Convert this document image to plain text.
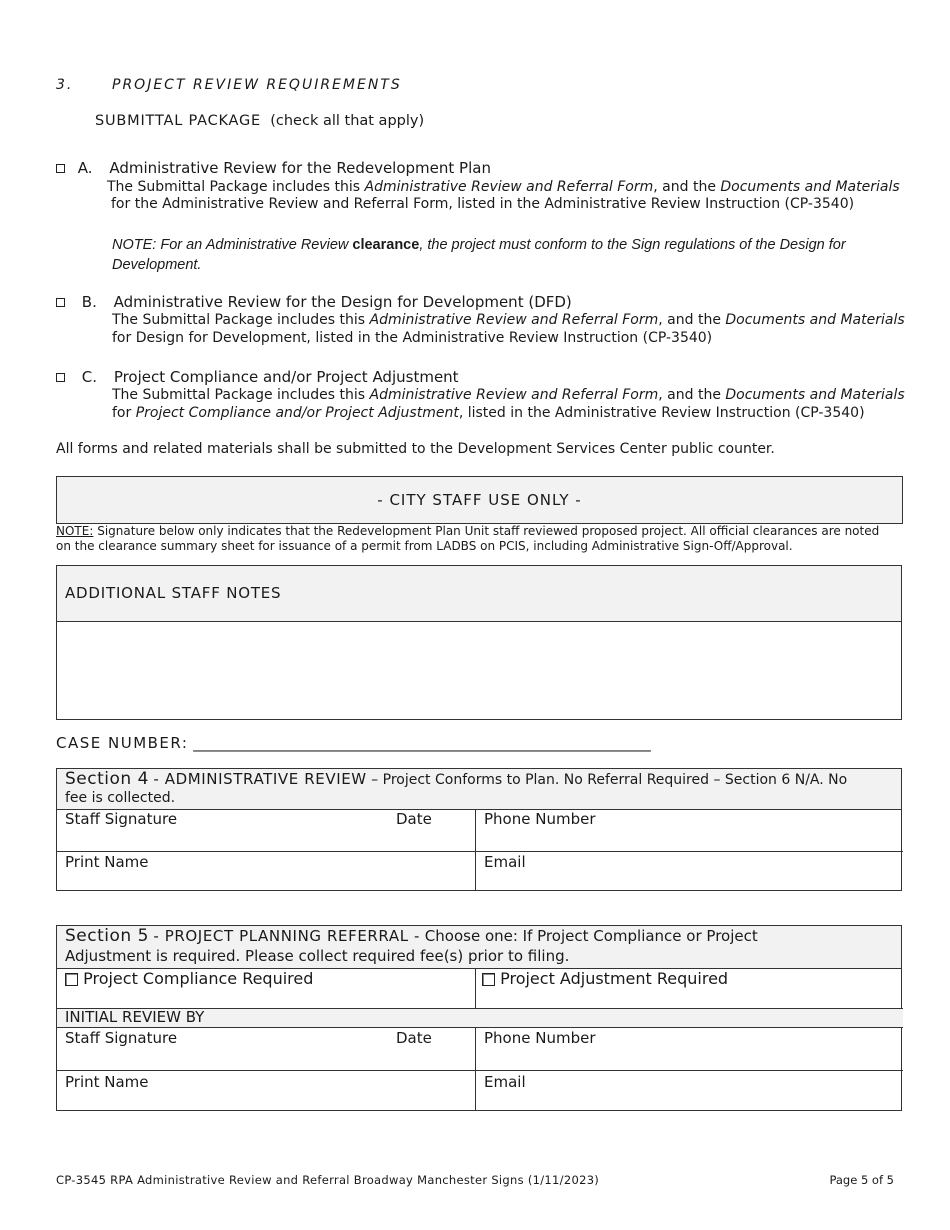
3.	PROJECT REVIEW REQUIREMENTS
SUBMITTAL PACKAGE (check all that apply)
A. Administrative Review for the Redevelopment Plan
The Submittal Package includes this Administrative Review and Referral Form, and the Documents and Materials
for the Administrative Review and Referral Form, listed in the Administrative Review Instruction (CP-3540)
NOTE: For an Administrative Review clearance, the project must conform to the Sign regulations of the Design for
Development.
B. Administrative Review for the Design for Development (DFD)
The Submittal Package includes this Administrative Review and Referral Form, and the Documents and Materials
for Design for Development, listed in the Administrative Review Instruction (CP-3540)
C. Project Compliance and/or Project Adjustment
The Submittal Package includes this Administrative Review and Referral Form, and the Documents and Materials
for Project Compliance and/or Project Adjustment, listed in the Administrative Review Instruction (CP-3540)
All forms and related materials shall be submitted to the Development Services Center public counter.
- CITY STAFF USE ONLY -
NOTE: Signature below only indicates that the Redevelopment Plan Unit staff reviewed proposed project. All official clearances are noted
on the clearance summary sheet for issuance of a permit from LADBS on PCIS, including Administrative Sign-Off/Approval.
ADDITIONAL STAFF NOTES
CASE NUMBER: _____________________________________________________________
Section 4 - ADMINISTRATIVE REVIEW – Project Conforms to Plan. No Referral Required – Section 6 N/A. No
fee is collected.
Staff Signature	Date	Phone Number
Print Name	Email
Section 5 - PROJECT PLANNING REFERRAL - Choose one: If Project Compliance or Project
Adjustment is required. Please collect required fee(s) prior to filing.
Project Compliance Required	Project Adjustment Required
INITIAL REVIEW BY
Staff Signature	Date	Phone Number
Print Name	Email
CP-3545 RPA Administrative Review and Referral Broadway Manchester Signs (1/11/2023)	Page 5 of 5
